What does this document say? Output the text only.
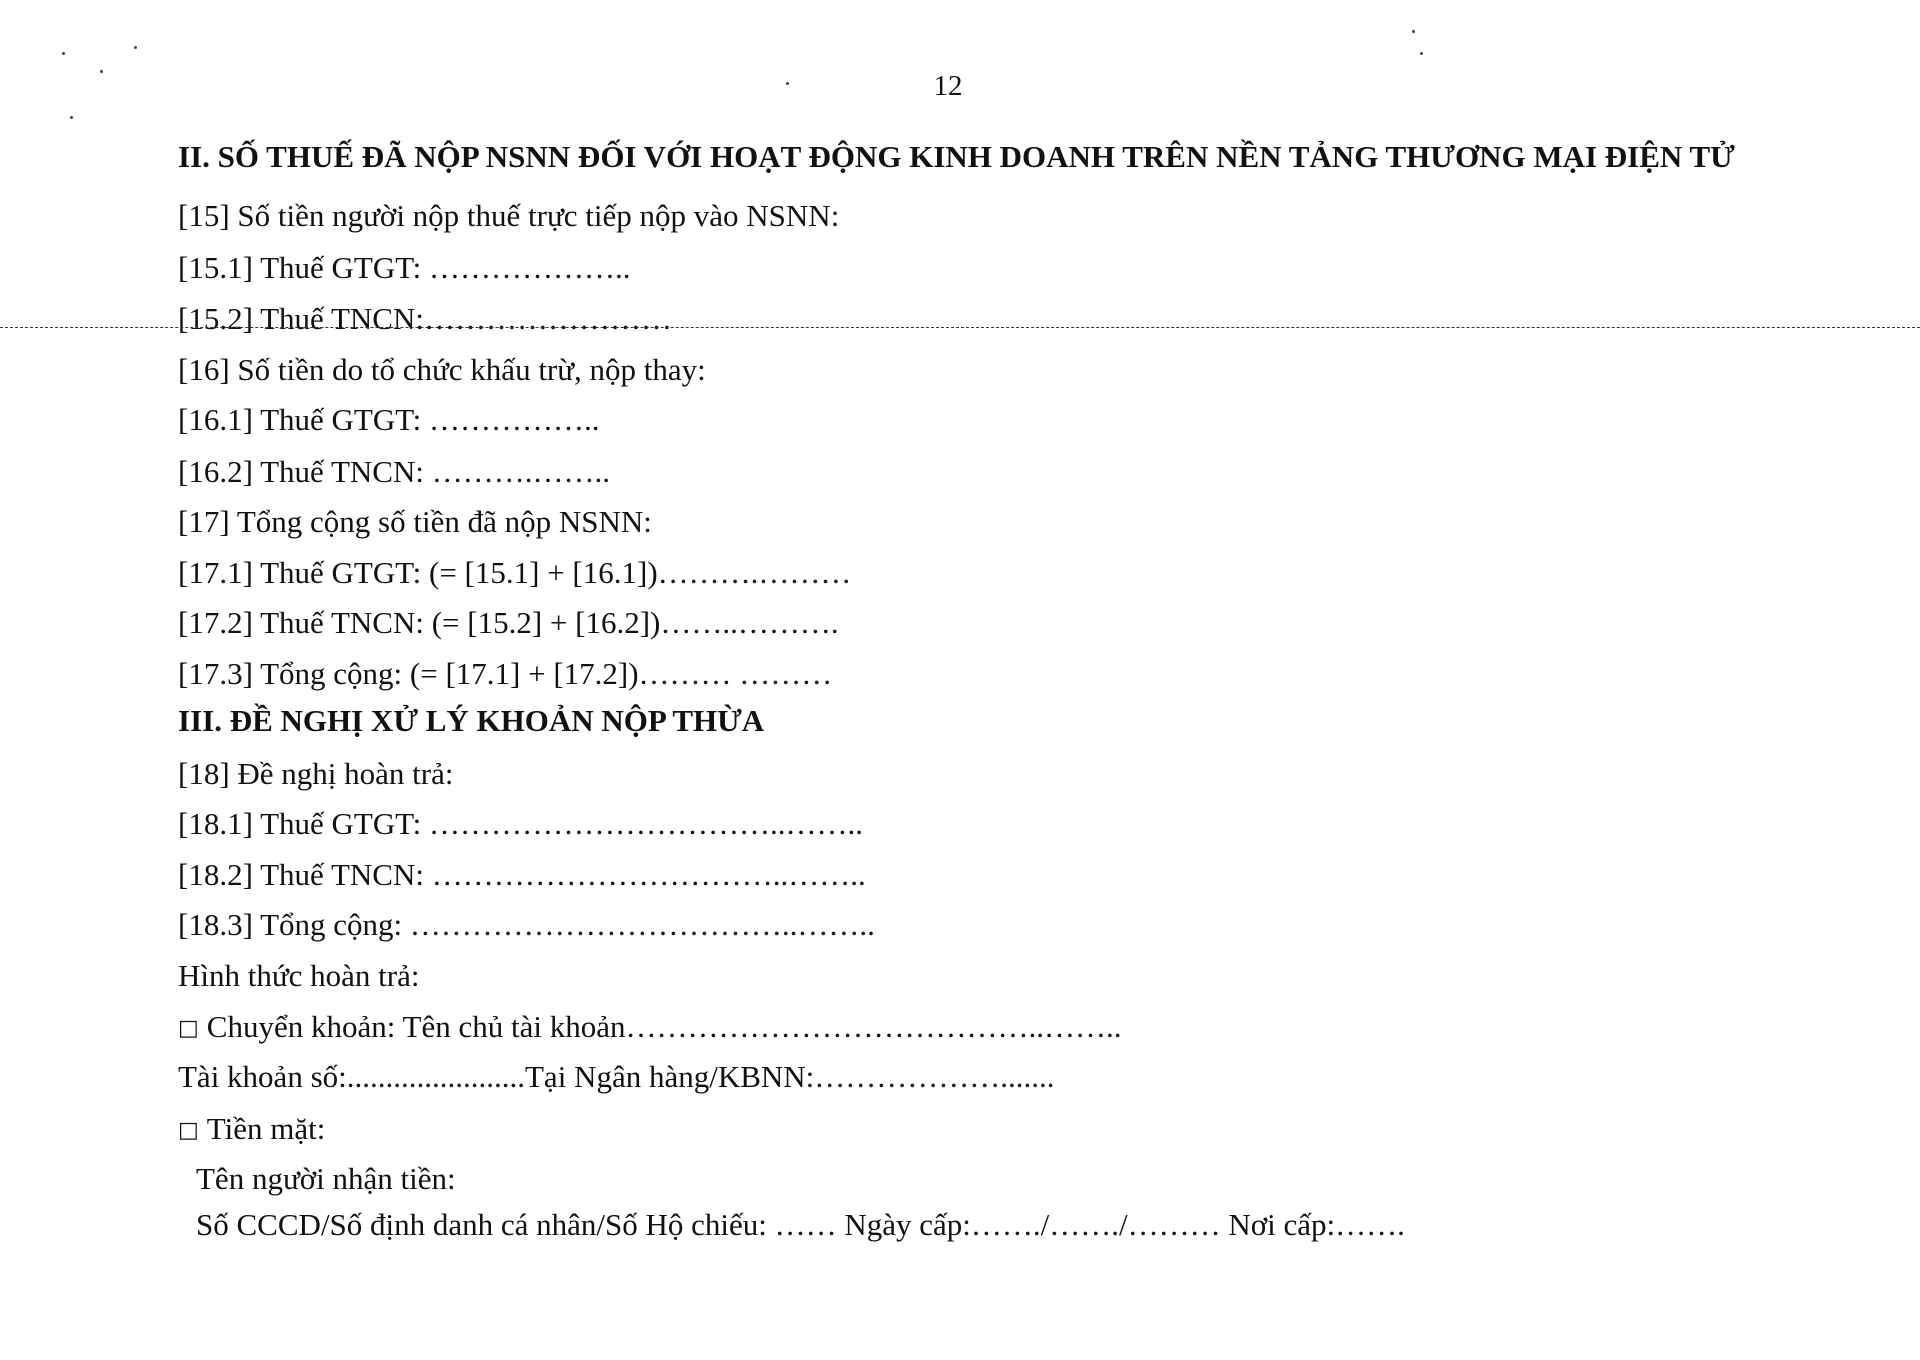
12
II. SỐ THUẾ ĐÃ NỘP NSNN ĐỐI VỚI HOẠT ĐỘNG KINH DOANH TRÊN NỀN TẢNG THƯƠNG MẠI ĐIỆN TỬ
[15] Số tiền người nộp thuế trực tiếp nộp vào NSNN:
[15.1] Thuế GTGT: ………………..
[15.2] Thuế TNCN:……………………
[16] Số tiền do tổ chức khấu trừ, nộp thay:
[16.1] Thuế GTGT: ……………..
[16.2] Thuế TNCN: ……….……..
[17] Tổng cộng số tiền đã nộp NSNN:
[17.1] Thuế GTGT: (= [15.1] + [16.1])……….………
[17.2] Thuế TNCN: (= [15.2] + [16.2])……..……….
[17.3] Tổng cộng: (= [17.1] + [17.2])……… ………
III. ĐỀ NGHỊ XỬ LÝ KHOẢN NỘP THỪA
[18] Đề nghị hoàn trả:
[18.1] Thuế GTGT: ……………………………..……..
[18.2] Thuế TNCN: ……………………………..……..
[18.3] Tổng cộng: ………………………………..……..
Hình thức hoàn trả:
□ Chuyển khoản: Tên chủ tài khoản…………………………………..……..
Tài khoản số:.......................Tại Ngân hàng/KBNN:……………….......
□ Tiền mặt:
Tên người nhận tiền:
Số CCCD/Số định danh cá nhân/Số Hộ chiếu: …… Ngày cấp:……./……./……… Nơi cấp:…….
